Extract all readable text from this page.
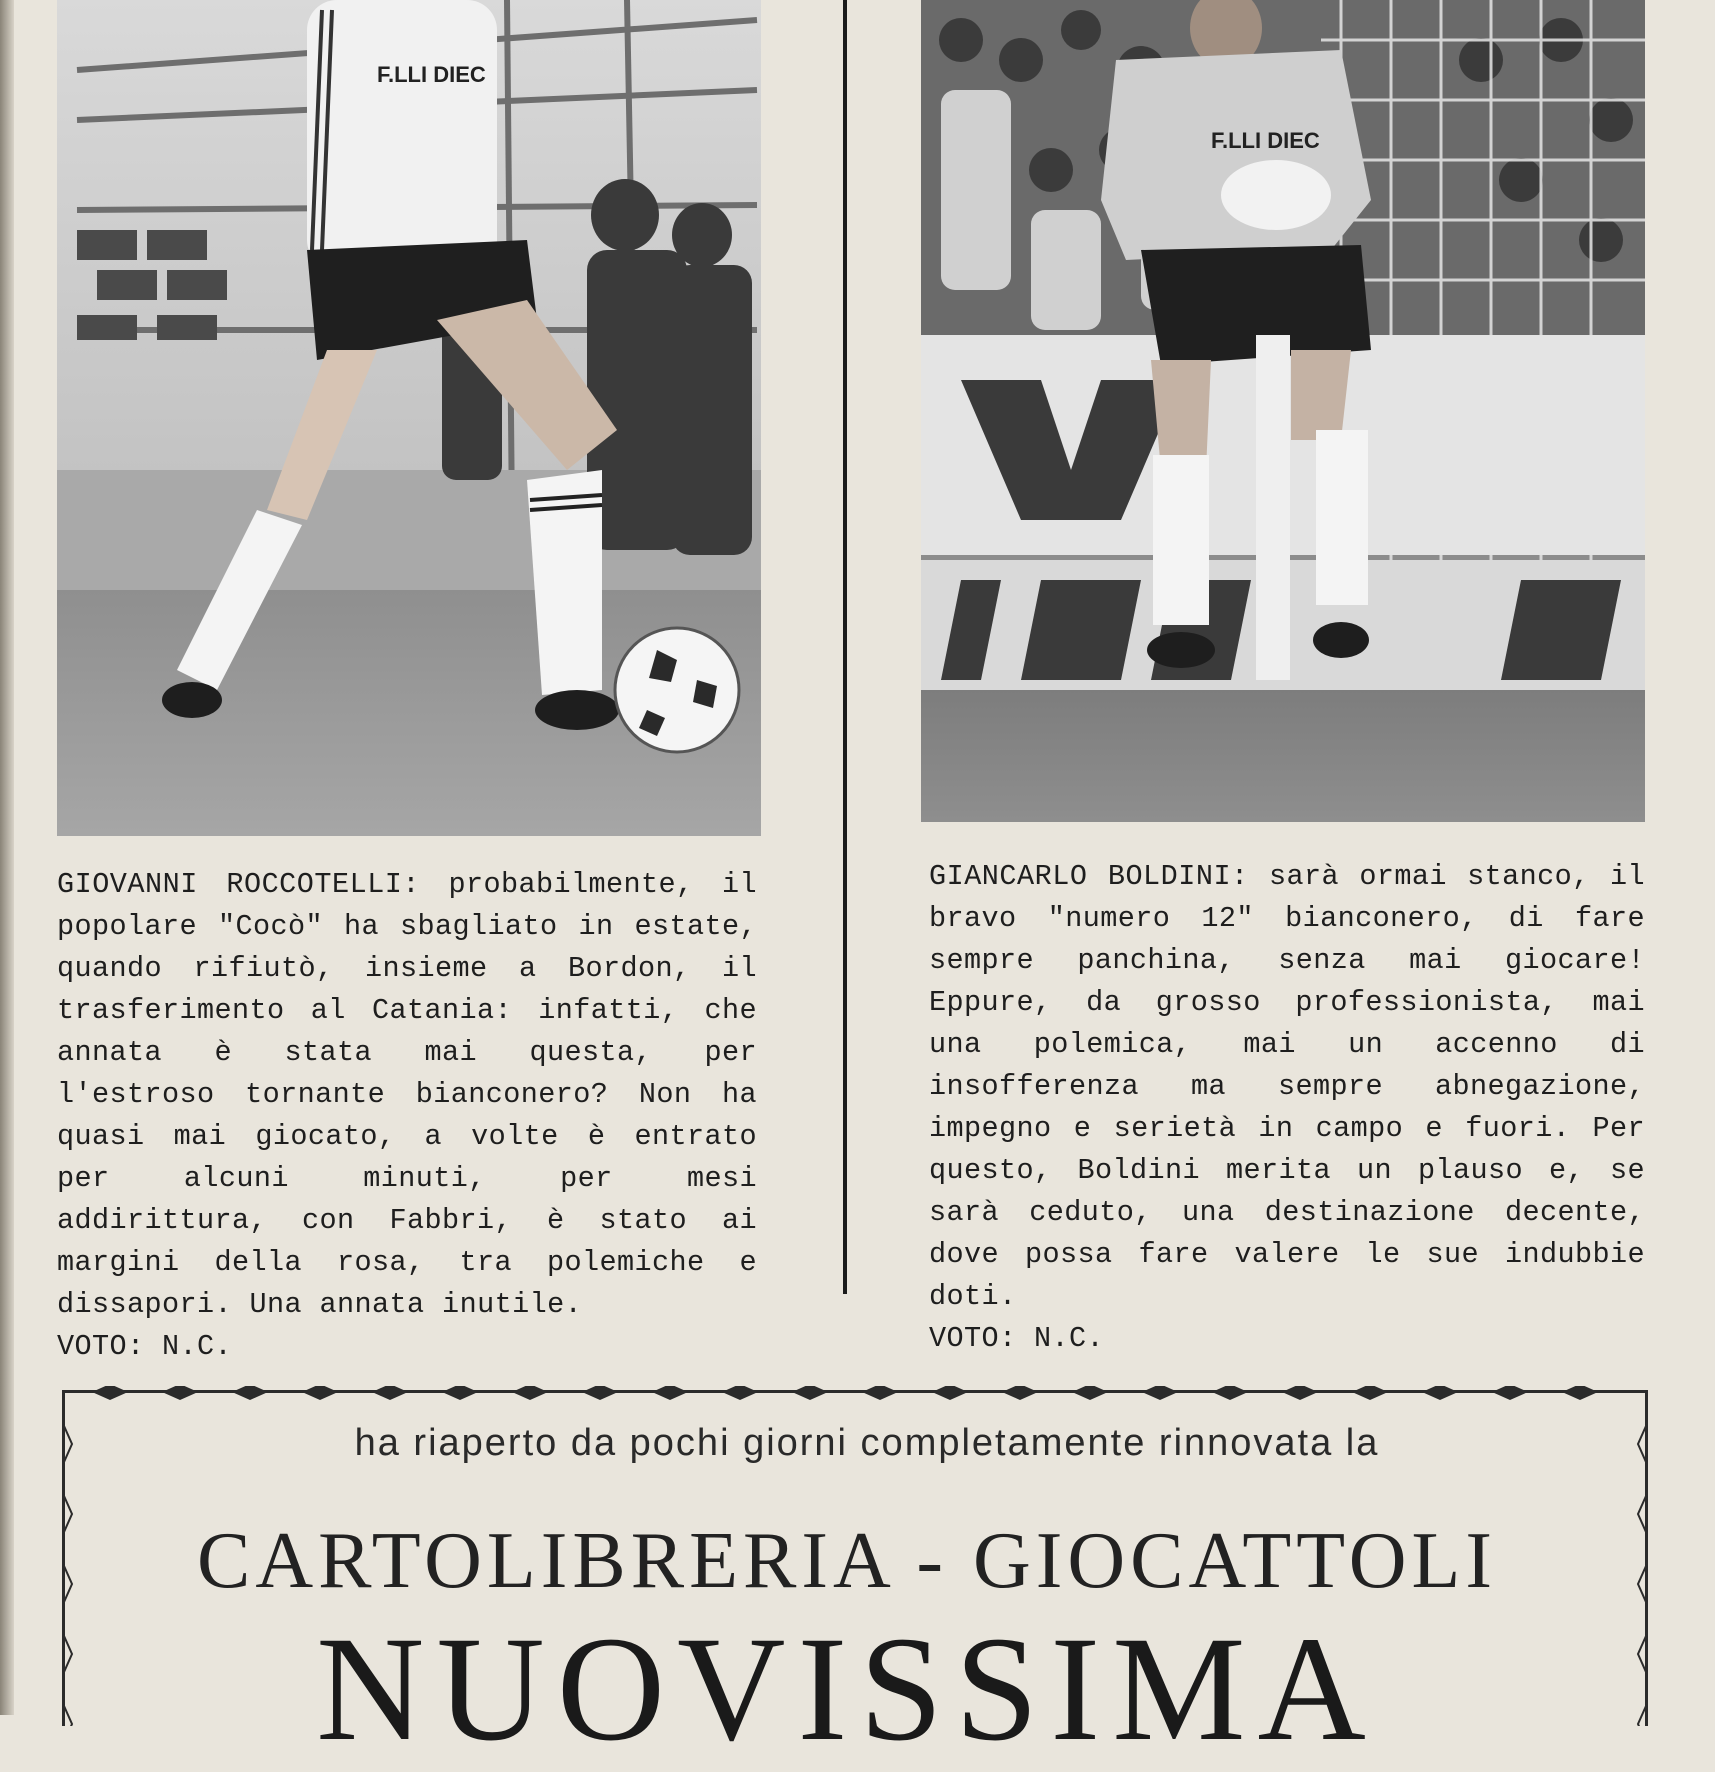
F.LLI DIEC
F.LLI DIEC
GIOVANNI ROCCOTELLI: probabilmente, il popolare "Cocò" ha sbagliato in estate, quando rifiutò, insieme a Bordon, il trasferimento al Catania: infatti, che annata è stata mai questa, per l'estroso tornante bianconero? Non ha quasi mai giocato, a volte è entrato per alcuni minuti, per mesi addirittura, con Fabbri, è stato ai margini della rosa, tra polemiche e dissapori. Una annata inutile.
VOTO: N.C.
GIANCARLO BOLDINI: sarà ormai stanco, il bravo "numero 12" bianconero, di fare sempre panchina, senza mai giocare! Eppure, da grosso professionista, mai una polemica, mai un accenno di insofferenza ma sempre abnegazione, impegno e serietà in campo e fuori. Per questo, Boldini merita un plauso e, se sarà ceduto, una destinazione decente, dove possa fare valere le sue indubbie doti.
VOTO: N.C.
ha riaperto da pochi giorni completamente rinnovata la
CARTOLIBRERIA - GIOCATTOLI
NUOVISSIMA
